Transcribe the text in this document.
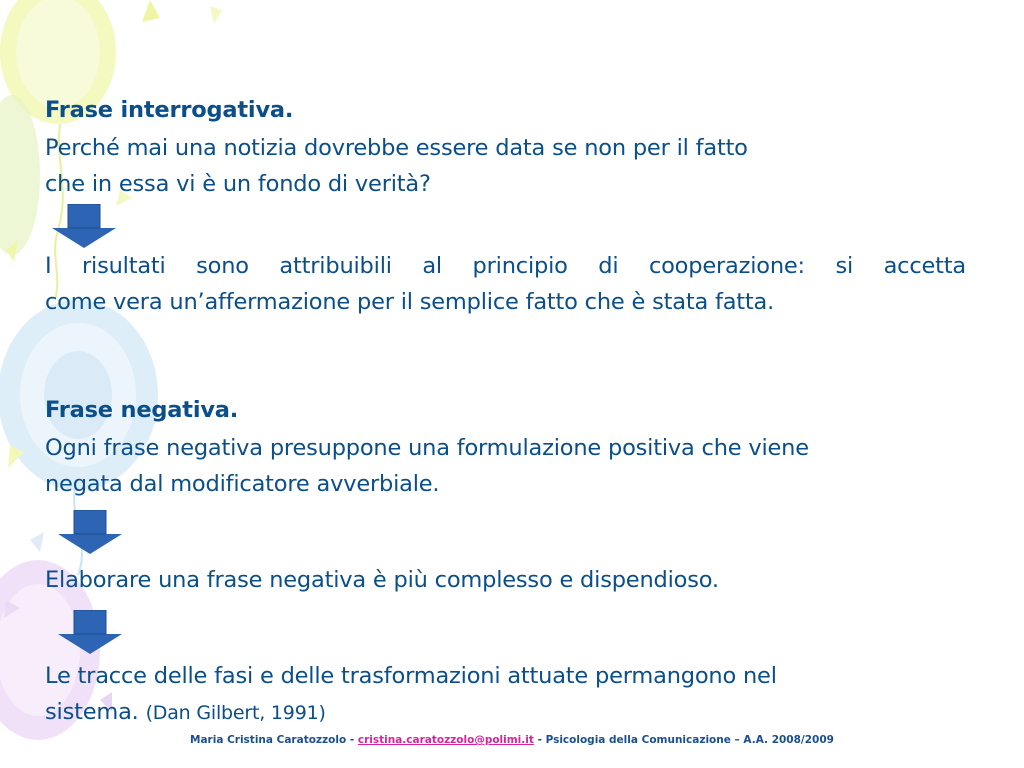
Frase interrogativa.
Perché mai una notizia dovrebbe essere data se non per il fatto
che in essa vi è un fondo di verità?
I risultati sono attribuibili al principio di cooperazione: si accetta
come vera un’affermazione per il semplice fatto che è stata fatta.
Frase negativa.
Ogni frase negativa presuppone una formulazione positiva che viene
negata dal modificatore avverbiale.
Elaborare una frase negativa è più complesso e dispendioso.
Le tracce delle fasi e delle trasformazioni attuate permangono nel
sistema. (Dan Gilbert, 1991)
Maria Cristina Caratozzolo - cristina.caratozzolo@polimi.it - Psicologia della Comunicazione – A.A. 2008/2009
